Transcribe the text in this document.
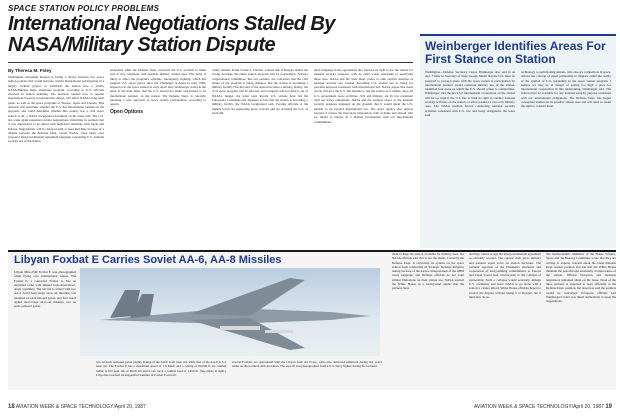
SPACE STATION POLICY PROBLEMS
International Negotiations Stalled By NASA/Military Station Dispute

By Theresa M. Foley

Washington—President Reagan is facing a choice between two space station policies that would increase current international participation in a largely civilian project or transform the station into a jointly NASA/Defense Dept. enterprise program, according to U.S. officials involved in station planning. The decision, needed now to resume negotiations but pray to bureaucratic delays, will affect NASA's long-term plans, as well as the space programs of Europe, Japan and Canada. This decision will determine whether the U.S. has international partners in the program, and could determine whether this country has a civil space station at all, a NASA background document on the issue said. The U.S. last week again suspended station negotiations, informing its partners that it was unprepared to go ahead with high-level meetings with Japan and Europe. Negotiations will be delayed until at least mid-May because of a dispute between the Defense Dept. versus NASA. State Dept. over proposed intergovernmental agreement language concerning U.S. national security use of the station.

postponed while the Defense Dept. reviewed the U.S. position to make sure it was consistent with possible military station uses. The delay is likely to affect the program's schedule. Interagency fighting, which has plagued U.S. space policy since the Challenger accident in early 1986, erupted over the space station in early April after Weinberger stated in the letter to the State Dept. that the U.S. should not make concessions to its international partners on the station. The Defense Dept. is currently pursuing a new approach to space station participation, according to reports.

Open Options

cently Airbase Frank Carlucci, Fletcher warned that if Reagan makes the wrong decision, the entire station program will be jeopardized. NASA's congressional committees, like our partners, are concerned that the civil nature of the program is being changed, that the station is becoming a military facility, Fletcher said. If the station becomes a military facility, the civil space program will be affected, and Congress will not fund it out of NASA's budget, the letter said. Recent U.S. actions have led the Europeans, Canadians and Japanese to fear that the station is becoming a military facility, the NASA background said. Foreign officials at the highest levels are expressing grave concern and are accusing the U.S. of bad faith.

plicit language in the agreements that reserves its right to use the station for national security purposes, with no other words restricting or specifying those uses. NASA and the State Dept. prefer to omit explicit mention of national security use, instead describing U.S. station use as being for peaceful purposes consistent with international law. NASA argues that those words will give the U.S. full latitude to use the station as it wishes, since all U.S. government space activities, civil and military, are by law consistent with our treaty obligations. NASA and the partners object to the national security purposes language on the grounds that it would mean the U.S. intends to go beyond international law. The space agency also objects because it creates the inaccurate impression, both at home and abroad, that we intend to behave in a manner inconsistent with our international commitments.

Weinberger Identifies Areas For First Stance on Station

Washington—Defense Secretary Caspar Weinberger also said in an Apr. 7 letter to Secretary of State George Shultz that the U.S. must be prepared to proceed alone with the space station if participation by international partners would constrain military use of the station, identified four areas on which the U.S. should refuse to compromise. Weinberger said the price for international cooperation on the station will be too high if the U.S. has to limit its right to conduct national security activities on the station, or allow partners a veto over military uses. The NASA position favors conducting national security activities consistent with U.S. law and treaty obligations, the letter said.

technology to participating nations, who also are competitors in space. Allows the concept of equal partnership to displace either the reality or the symbol of U.S. leadership in the space station program. I believe we may be in danger of paying too high a price for international cooperation in this undertaking, Weinberger said. The station must be available for any national security purpose consistent with our international obligations. The Defense Dept. has begun conceptual studies on its possible station uses and will need to retain the right to conduct them.

Libyan Foxbat E Carries Soviet AA-6, AA-8 Missiles
Libyan MiG-25M Foxbat E was photographed while flying over international waters. The Foxbat E, a converted Foxbat A, has an upgraded radar with limited look-down/shoot-down capability. The aircraft is armed with two AA-6 Acrid long-range air-to-air missiles, one mounted on each inboard pylon, and four AA-8 Aphid short-range air-to-air missiles, two on each outboard pylon.
two on each outboard pylon (right). Range of the AA-6 is 20 naut. mi. while that of the AA-8 is 3-4 naut. mi. The Foxbat E has a maximum speed of 1.8 Mach and a ceiling of 80,000 ft. Its combat radius is 610 naut. mi. at Mach 0.9 and it can carry a combat load of 1,450 lb. (See photo at right.) Libya has received an unspecified number of Foxbat E aircraft.
several Foxbats are operational with the Libyan Arab Air Force, some also delivered enhanced during last year's strike on the northern African nation. The aircraft was photographed from a U.S. Navy fighter during the incident.

ment to keep the station available for military uses, but NASA officials said that is not the intent. Currently the Defense Dept. is reviewing its options on the space station from conducting all Strategic Defense Initiative testing because of the narrow interpretation of the ABM treaty language, and Defense officials do not want similar limitations on their station use. NASA warned the White House in a background memo that the partners have

and they cannot accept the intergovernmental agreement as currently worded. The current draft gives military and partners equal voice on station decisions. The partners' rejection of the President's invitation and cooperation of long-standing commitments to Europe and Japan would lead, NASA said, to the collapse of partnership. Such a collapse would seriously damage U.S. credibility and leave NASA to go alone with a station it cannot afford. White House officials hoped to resolve the dispute without taking it to Reagan, but it must now do so.

this memorandum. Members of the House Science, Space and Technology Committee wrote that they are writing to express concern about the latest Defense Dept. station position and ask that the White House maintain the peaceful and essentially civilian nature of the station. Official European and Japanese negotiators remained silent on the issue. None of the three partners is expected to react officially to the Defense Dept. position, but observers said the partners would be concerned. European officials said Weinberger's letter was timed deliberately to upset the negotiations.

18 AVIATION WEEK & SPACE TECHNOLOGY/April 20, 1987	AVIATION WEEK & SPACE TECHNOLOGY/April 20, 1987 19
